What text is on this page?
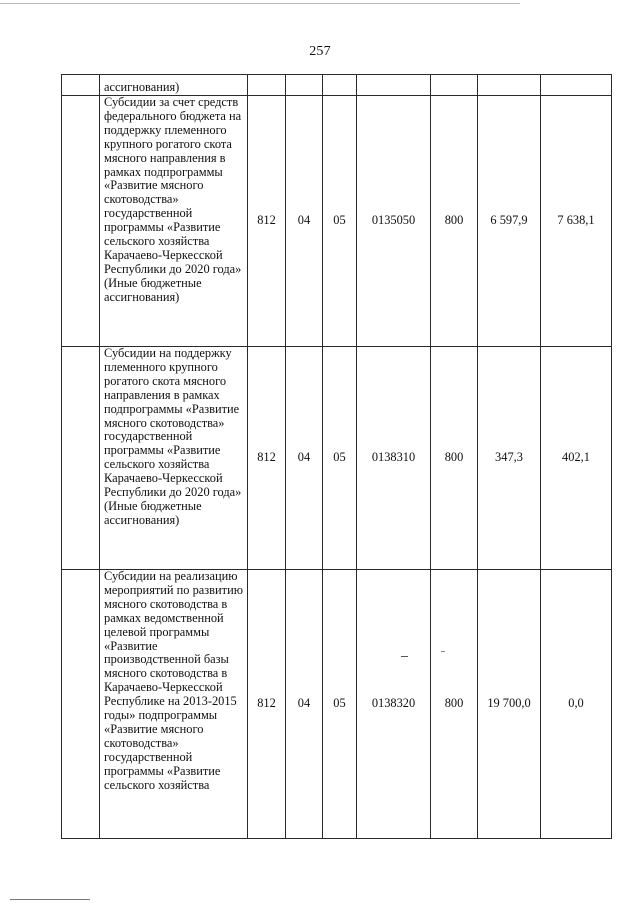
257
	ассигнования)							
	Субсидии за счет средств федерального бюджета на поддержку племенного крупного рогатого скота мясного направления в рамках подпрограммы «Развитие мясного скотоводства» государственной программы «Развитие сельского хозяйства Карачаево-Черкесской Республики до 2020 года» (Иные бюджетные ассигнования)	812	04	05	0135050	800	6 597,9	7 638,1
	Субсидии на поддержку племенного крупного рогатого скота мясного направления в рамках подпрограммы «Развитие мясного скотоводства» государственной программы «Развитие сельского хозяйства Карачаево-Черкесской Республики до 2020 года» (Иные бюджетные ассигнования)	812	04	05	0138310	800	347,3	402,1
	Субсидии на реализацию мероприятий по развитию мясного скотоводства в рамках ведомственной целевой программы «Развитие производственной базы мясного скотоводства в Карачаево-Черкесской Республике на 2013-2015 годы» подпрограммы «Развитие мясного скотоводства» государственной программы «Развитие сельского хозяйства	812	04	05	0138320	800	19 700,0	0,0
